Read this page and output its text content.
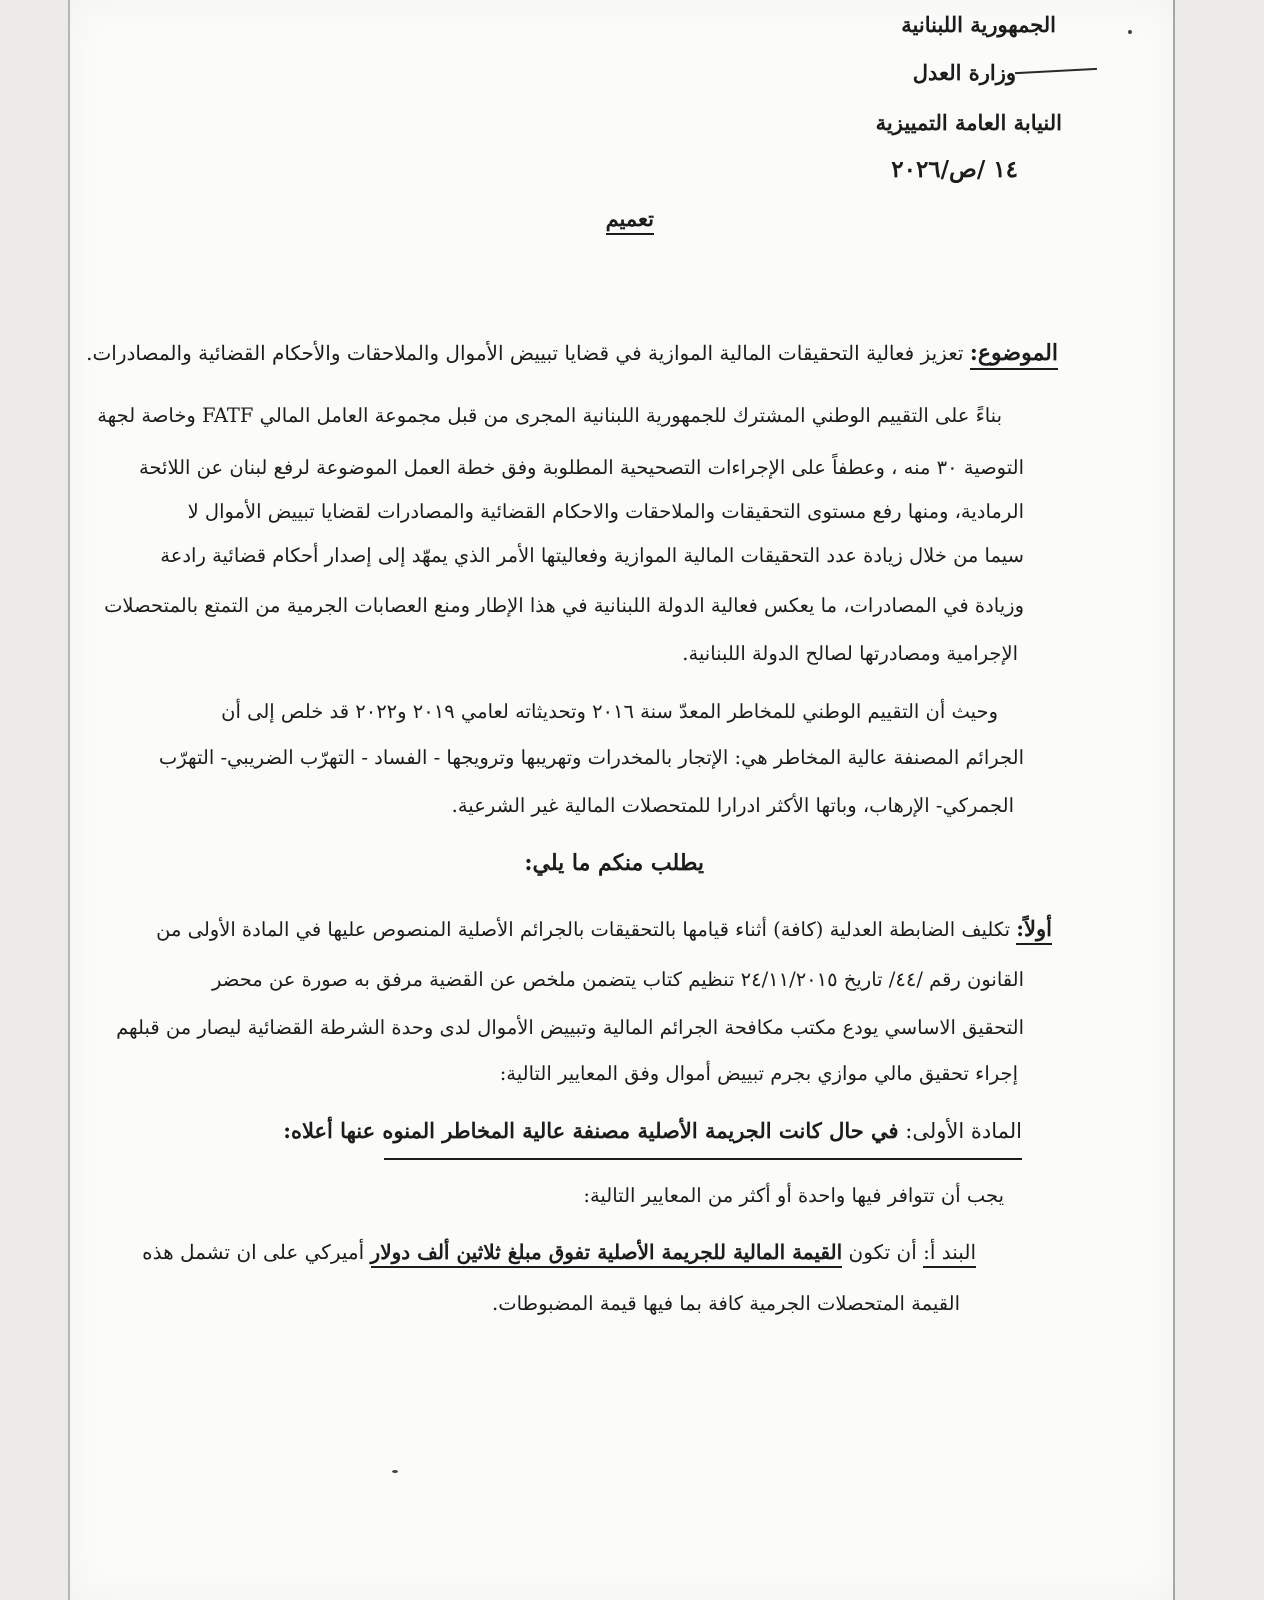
الجمهورية اللبنانية
وزارة العدل
النيابة العامة التمييزية
١٤ /ص/٢٠٢٦
تعميم
الموضوع: تعزيز فعالية التحقيقات المالية الموازية في قضايا تبييض الأموال والملاحقات والأحكام القضائية والمصادرات.
بناءً على التقييم الوطني المشترك للجمهورية اللبنانية المجرى من قبل مجموعة العامل المالي FATF وخاصة لجهة
التوصية ٣٠ منه ، وعطفاً على الإجراءات التصحيحية المطلوبة وفق خطة العمل الموضوعة لرفع لبنان عن اللائحة
الرمادية، ومنها رفع مستوى التحقيقات والملاحقات والاحكام القضائية والمصادرات لقضايا تبييض الأموال لا
سيما من خلال زيادة عدد التحقيقات المالية الموازية وفعاليتها الأمر الذي يمهّد إلى إصدار أحكام قضائية رادعة
وزيادة في المصادرات، ما يعكس فعالية الدولة اللبنانية في هذا الإطار ومنع العصابات الجرمية من التمتع بالمتحصلات
الإجرامية ومصادرتها لصالح الدولة اللبنانية.
وحيث أن التقييم الوطني للمخاطر المعدّ سنة ٢٠١٦ وتحديثاته لعامي ٢٠١٩ و٢٠٢٢ قد خلص إلى أن
الجرائم المصنفة عالية المخاطر هي: الإتجار بالمخدرات وتهريبها وترويجها - الفساد - التهرّب الضريبي- التهرّب
الجمركي- الإرهاب، وباتها الأكثر ادرارا للمتحصلات المالية غير الشرعية.
يطلب منكم ما يلي:
أولاً: تكليف الضابطة العدلية (كافة) أثناء قيامها بالتحقيقات بالجرائم الأصلية المنصوص عليها في المادة الأولى من
القانون رقم /٤٤/ تاريخ ٢٤/١١/٢٠١٥ تنظيم كتاب يتضمن ملخص عن القضية مرفق به صورة عن محضر
التحقيق الاساسي يودع مكتب مكافحة الجرائم المالية وتبييض الأموال لدى وحدة الشرطة القضائية ليصار من قبلهم
إجراء تحقيق مالي موازي بجرم تبييض أموال وفق المعايير التالية:
المادة الأولى: في حال كانت الجريمة الأصلية مصنفة عالية المخاطر المنوه عنها أعلاه:
يجب أن تتوافر فيها واحدة أو أكثر من المعايير التالية:
البند أ: أن تكون القيمة المالية للجريمة الأصلية تفوق مبلغ ثلاثين ألف دولار أميركي على ان تشمل هذه
القيمة المتحصلات الجرمية كافة بما فيها قيمة المضبوطات.
